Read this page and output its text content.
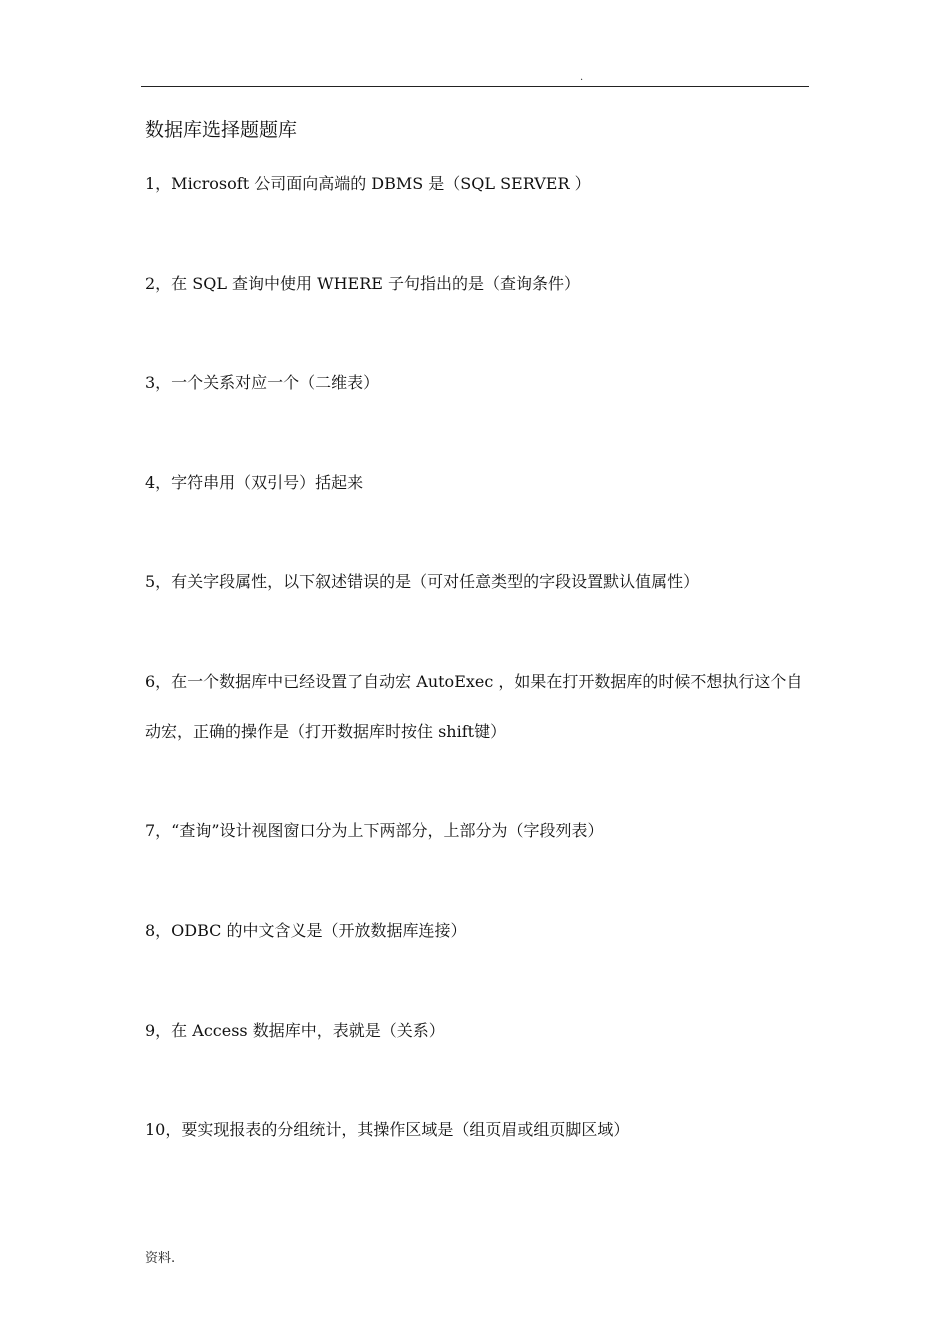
.
数据库选择题题库
1，Microsoft 公司面向高端的 DBMS 是（SQL SERVER ）
2，在 SQL 查询中使用 WHERE 子句指出的是（查询条件）
3，一个关系对应一个（二维表）
4，字符串用（双引号）括起来
5，有关字段属性，以下叙述错误的是（可对任意类型的字段设置默认值属性）
6，在一个数据库中已经设置了自动宏 AutoExec ，如果在打开数据库的时候不想执行这个自动宏，正确的操作是（打开数据库时按住 shift键）
7，“查询”设计视图窗口分为上下两部分，上部分为（字段列表）
8，ODBC 的中文含义是（开放数据库连接）
9，在 Access 数据库中，表就是（关系）
10，要实现报表的分组统计，其操作区域是（组页眉或组页脚区域）
资料.
